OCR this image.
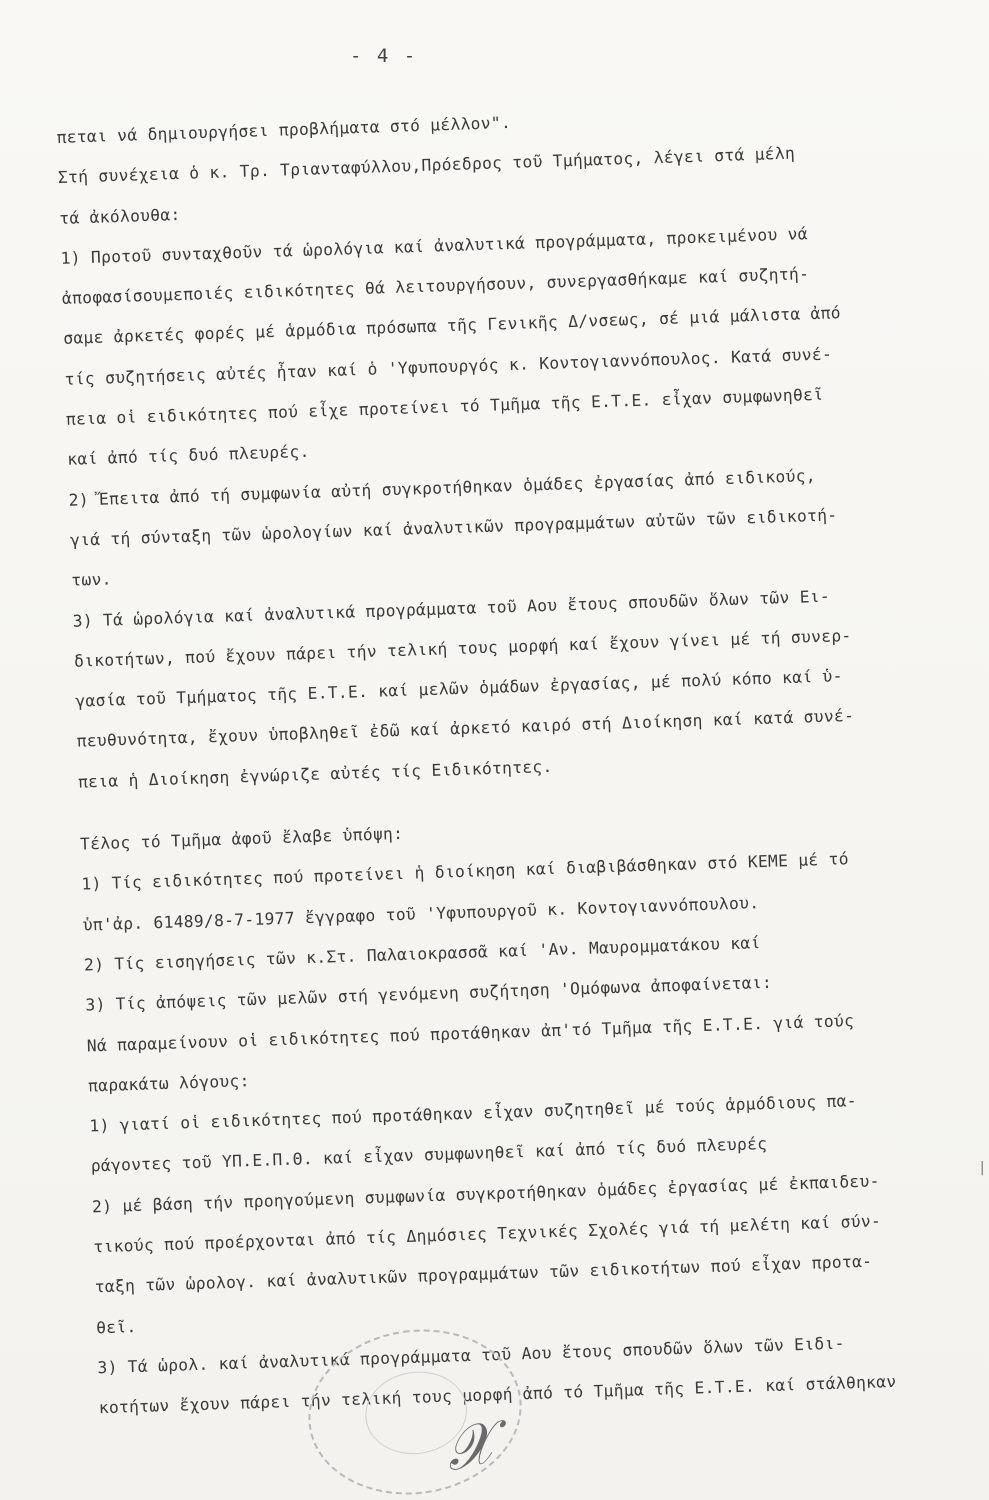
- 4 -
πεται νά δημιουργήσει προβλήματα στό μέλλον".
Στή συνέχεια ὁ κ. Τρ. Τριανταφύλλου,Πρόεδρος τοῦ Τμήματος, λέγει στά μέλη
τά ἀκόλουθα:
1) Προτοῦ συνταχθοῦν τά ὡρολόγια καί ἀναλυτικά προγράμματα, προκειμένου νά
ἀποφασίσουμεποιές ειδικότητες θά λειτουργήσουν, συνεργασθήκαμε καί συζητή-
σαμε ἀρκετές φορές μέ ἁρμόδια πρόσωπα τῆς Γενικῆς Δ/νσεως, σέ μιά μάλιστα ἀπό
τίς συζητήσεις αὐτές ἦταν καί ὁ 'Υφυπουργός κ. Κοντογιαννόπουλος. Κατά συνέ-
πεια οἱ ειδικότητες πού εἶχε προτείνει τό Τμῆμα τῆς Ε.Τ.Ε. εἶχαν συμφωνηθεῖ
καί ἀπό τίς δυό πλευρές.
2) Ἔπειτα ἀπό τή συμφωνία αὐτή συγκροτήθηκαν ὁμάδες ἐργασίας ἀπό ειδικούς,
γιά τή σύνταξη τῶν ὡρολογίων καί ἀναλυτικῶν προγραμμάτων αὐτῶν τῶν ειδικοτή-
των.
3) Τά ὡρολόγια καί ἀναλυτικά προγράμματα τοῦ Αου ἔτους σπουδῶν ὅλων τῶν Ει-
δικοτήτων, πού ἔχουν πάρει τήν τελική τους μορφή καί ἔχουν γίνει μέ τή συνερ-
γασία τοῦ Τμήματος τῆς Ε.Τ.Ε. καί μελῶν ὁμάδων ἐργασίας, μέ πολύ κόπο καί ὑ-
πευθυνότητα, ἔχουν ὑποβληθεῖ ἐδῶ καί ἀρκετό καιρό στή Διοίκηση καί κατά συνέ-
πεια ἡ Διοίκηση ἐγνώριζε αὐτές τίς Ειδικότητες.
Τέλος τό Τμῆμα ἀφοῦ ἔλαβε ὑπόψη:
1) Τίς ειδικότητες πού προτείνει ἡ διοίκηση καί διαβιβάσθηκαν στό ΚΕΜΕ μέ τό
ὑπ'ἀρ. 61489/8-7-1977 ἔγγραφο τοῦ 'Υφυπουργοῦ κ. Κοντογιαννόπουλου.
2) Τίς εισηγήσεις τῶν κ.Στ. Παλαιοκρασσᾶ καί 'Αν. Μαυρομματάκου καί
3) Τίς ἀπόψεις τῶν μελῶν στή γενόμενη συζήτηση 'Ομόφωνα ἀποφαίνεται:
Νά παραμείνουν οἱ ειδικότητες πού προτάθηκαν ἀπ'τό Τμῆμα τῆς Ε.Τ.Ε. γιά τούς
παρακάτω λόγους:
1) γιατί οἱ ειδικότητες πού προτάθηκαν εἶχαν συζητηθεῖ μέ τούς ἁρμόδιους πα-
ράγοντες τοῦ ΥΠ.Ε.Π.Θ. καί εἶχαν συμφωνηθεῖ καί ἀπό τίς δυό πλευρές
2) μέ βάση τήν προηγούμενη συμφωνία συγκροτήθηκαν ὁμάδες ἐργασίας μέ ἐκπαιδευ-
τικούς πού προέρχονται ἀπό τίς Δημόσιες Τεχνικές Σχολές γιά τή μελέτη καί σύν-
ταξη τῶν ὡρολογ. καί ἀναλυτικῶν προγραμμάτων τῶν ειδικοτήτων πού εἶχαν προτα-
θεῖ.
3) Τά ὡρολ. καί ἀναλυτικά προγράμματα τοῦ Αου ἔτους σπουδῶν ὅλων τῶν Ειδι-
κοτήτων ἔχουν πάρει τήν τελική τους μορφή ἀπό τό Τμῆμα τῆς Ε.Τ.Ε. καί στάλθηκαν
𝒳
|
